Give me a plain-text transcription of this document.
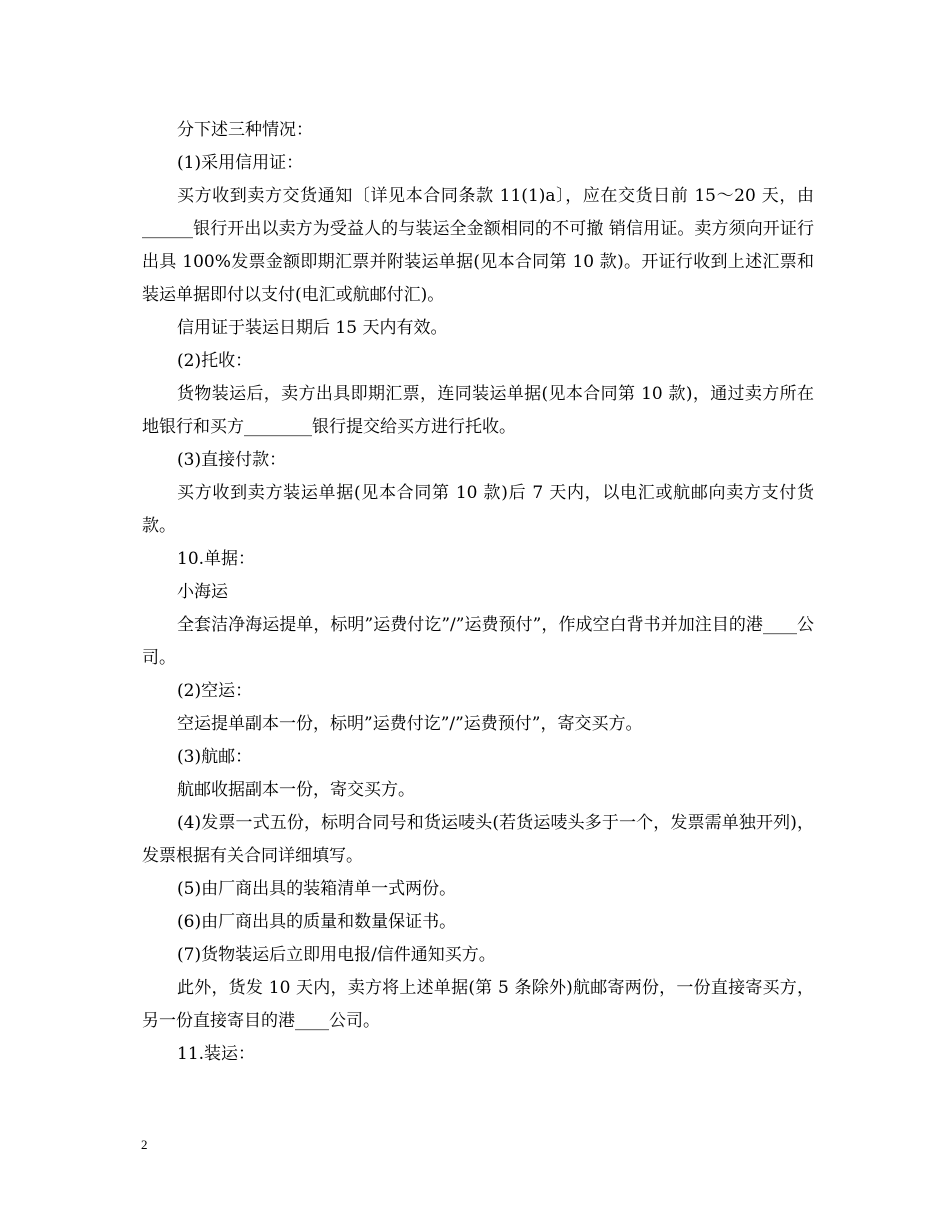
分下述三种情况：

(1)采用信用证：

买方收到卖方交货通知〔详见本合同条款 11(1)a〕，应在交货日前 15～20 天，由______银行开出以卖方为受益人的与装运全金额相同的不可撤 销信用证。卖方须向开证行出具 100%发票金额即期汇票并附装运单据(见本合同第 10 款)。开证行收到上述汇票和装运单据即付以支付(电汇或航邮付汇)。

信用证于装运日期后 15 天内有效。

(2)托收：

货物装运后，卖方出具即期汇票，连同装运单据(见本合同第 10 款)，通过卖方所在地银行和买方________银行提交给买方进行托收。

(3)直接付款：

买方收到卖方装运单据(见本合同第 10 款)后 7 天内，以电汇或航邮向卖方支付货款。

10.单据：

小海运

全套洁净海运提单，标明”运费付讫”/”运费预付”，作成空白背书并加注目的港____公司。

(2)空运：

空运提单副本一份，标明”运费付讫”/”运费预付”，寄交买方。

(3)航邮：

航邮收据副本一份，寄交买方。

(4)发票一式五份，标明合同号和货运唛头(若货运唛头多于一个，发票需单独开列)，发票根据有关合同详细填写。

(5)由厂商出具的装箱清单一式两份。

(6)由厂商出具的质量和数量保证书。

(7)货物装运后立即用电报/信件通知买方。

此外，货发 10 天内，卖方将上述单据(第 5 条除外)航邮寄两份，一份直接寄买方，另一份直接寄目的港____公司。

11.装运：

2
